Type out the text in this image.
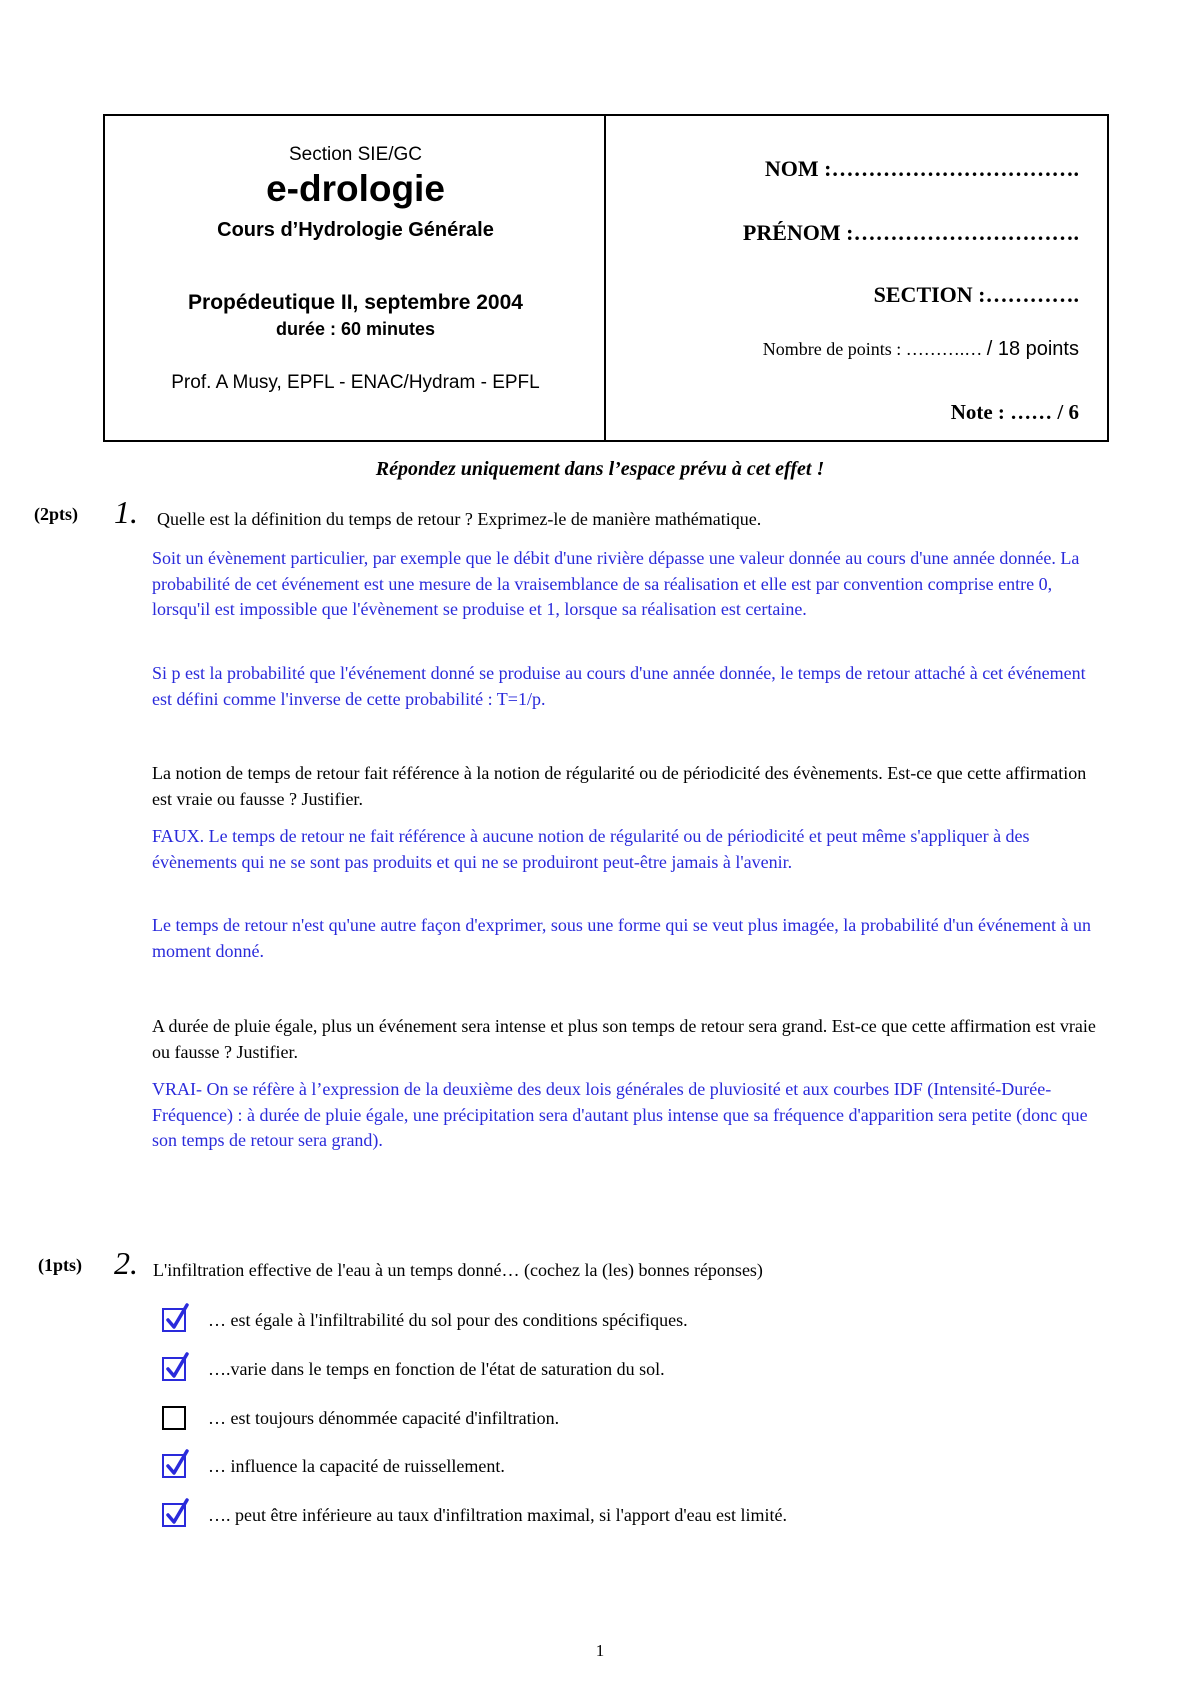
Section SIE/GC
e-drologie
Cours d’Hydrologie Générale
Propédeutique II, septembre 2004
durée : 60 minutes
Prof. A Musy, EPFL - ENAC/Hydram - EPFL
NOM :…………………………….
PRÉNOM :………………………….
SECTION :………….
Nombre de points : ……….… / 18 points
Note : …… / 6
Répondez uniquement dans l’espace prévu à cet effet !
(2pts) 1. Quelle est la définition du temps de retour ? Exprimez-le de manière mathématique.
Soit un évènement particulier, par exemple que le débit d'une rivière dépasse une valeur donnée au cours d'une année donnée. La probabilité de cet événement est une mesure de la vraisemblance de sa réalisation et elle est par convention comprise entre 0, lorsqu'il est impossible que l'évènement se produise et 1, lorsque sa réalisation est certaine.
Si p est la probabilité que l'événement donné se produise au cours d'une année donnée, le temps de retour attaché à cet événement est défini comme l'inverse de cette probabilité : T=1/p.
La notion de temps de retour fait référence à la notion de régularité ou de périodicité des évènements. Est-ce que cette affirmation est vraie ou fausse ? Justifier.
FAUX. Le temps de retour ne fait référence à aucune notion de régularité ou de périodicité et peut même s'appliquer à des évènements qui ne se sont pas produits et qui ne se produiront peut-être jamais à l'avenir.
Le temps de retour n'est qu'une autre façon d'exprimer, sous une forme qui se veut plus imagée, la probabilité d'un événement à un moment donné.
A durée de pluie égale, plus un événement sera intense et plus son temps de retour sera grand. Est-ce que cette affirmation est vraie ou fausse ? Justifier.
VRAI- On se réfère à l’expression de la deuxième des deux lois générales de pluviosité et aux courbes IDF (Intensité-Durée-Fréquence) : à durée de pluie égale, une précipitation sera d'autant plus intense que sa fréquence d'apparition sera petite (donc que son temps de retour sera grand).
(1pts) 2. L'infiltration effective de l'eau à un temps donné… (cochez la (les) bonnes réponses)
… est égale à l'infiltrabilité du sol pour des conditions spécifiques.
….varie dans le temps en fonction de l'état de saturation du sol.
… est toujours dénommée capacité d'infiltration.
… influence la capacité de ruissellement.
…. peut être inférieure au taux d'infiltration maximal, si l'apport d'eau est limité.
1
